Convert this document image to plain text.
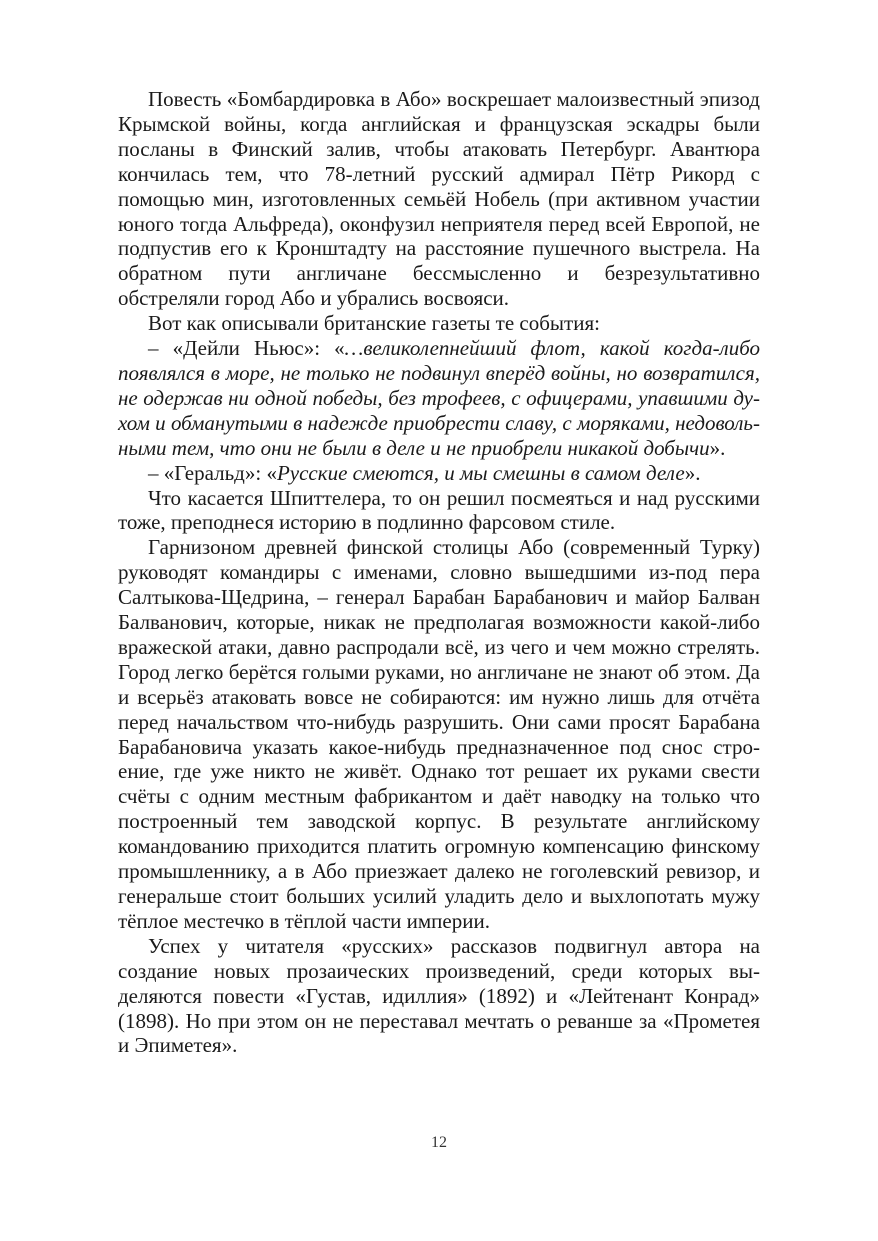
Повесть «Бомбардировка в Або» воскрешает малоизвестный эпизод Крымской войны, когда английская и французская эскадры были посланы в Финский залив, чтобы атаковать Петербург. Авантюра кончилась тем, что 78-летний русский адмирал Пётр Рикорд с помощью мин, изготовленных семьёй Нобель (при активном участии юного тогда Альфреда), оконфузил неприятеля перед всей Европой, не подпустив его к Кронштадту на расстояние пушечного выстрела. На обратном пути англичане бессмысленно и безрезультативно обстреляли город Або и убрались восвояси.

Вот как описывали британские газеты те события:

– «Дейли Ньюс»: «…великолепнейший флот, какой когда-либо появлялся в море, не только не подвинул вперёд войны, но возвратился, не одержав ни одной победы, без трофеев, с офицерами, упавшими духом и обманутыми в надежде приобрести славу, с моряками, недовольными тем, что они не были в деле и не приобрели никакой добычи».

– «Геральд»: «Русские смеются, и мы смешны в самом деле».

Что касается Шпиттелера, то он решил посмеяться и над русскими тоже, преподнеся историю в подлинно фарсовом стиле.

Гарнизоном древней финской столицы Або (современный Турку) руководят командиры с именами, словно вышедшими из-под пера Салтыкова-Щедрина, – генерал Барабан Барабанович и майор Балван Балванович, которые, никак не предполагая возможности какой-либо вражеской атаки, давно распродали всё, из чего и чем можно стрелять. Город легко берётся голыми руками, но англичане не знают об этом. Да и всерьёз атаковать вовсе не собираются: им нужно лишь для отчёта перед начальством что-нибудь разрушить. Они сами просят Барабана Барабановича указать какое-нибудь предназначенное под снос строение, где уже никто не живёт. Однако тот решает их руками свести счёты с одним местным фабрикантом и даёт наводку на только что построенный тем заводской корпус. В результате английскому командованию приходится платить огромную компенсацию финскому промышленнику, а в Або приезжает далеко не гоголевский ревизор, и генеральше стоит больших усилий уладить дело и выхлопотать мужу тёплое местечко в тёплой части империи.

Успех у читателя «русских» рассказов подвигнул автора на создание новых прозаических произведений, среди которых выделяются повести «Густав, идиллия» (1892) и «Лейтенант Конрад» (1898). Но при этом он не переставал мечтать о реванше за «Прометея и Эпиметея».

12
